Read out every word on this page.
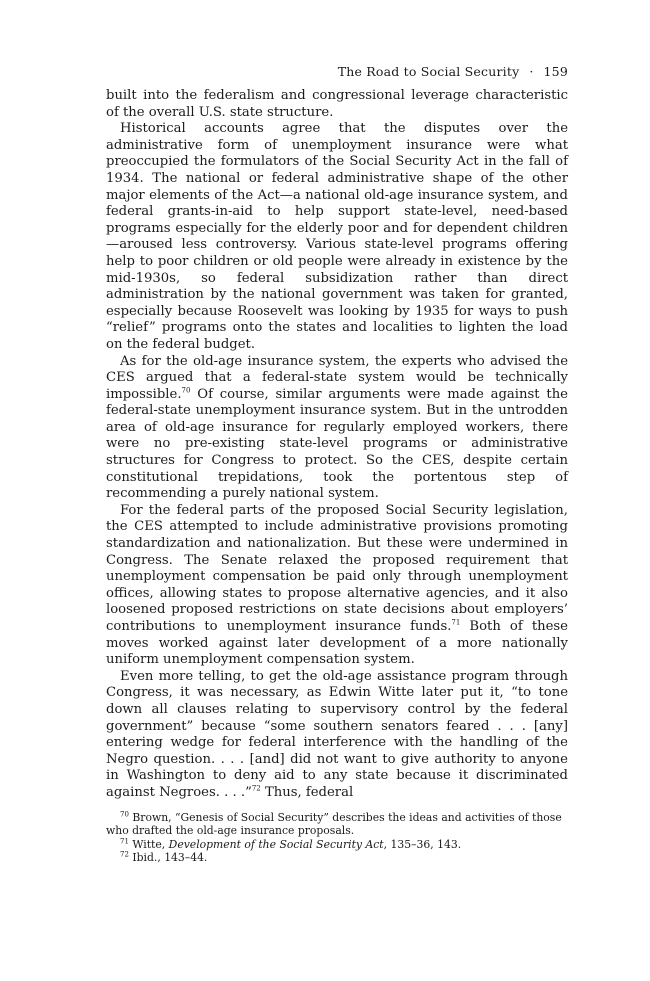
The Road to Social Security · 159

built into the federalism and congressional leverage characteristic of the overall U.S. state structure.

Historical accounts agree that the disputes over the administrative form of unemployment insurance were what preoccupied the formulators of the Social Security Act in the fall of 1934. The national or federal administrative shape of the other major elements of the Act—a national old-age insurance system, and federal grants-in-aid to help support state-level, need-based programs especially for the elderly poor and for dependent children—aroused less controversy. Various state-level programs offering help to poor children or old people were already in existence by the mid-1930s, so federal subsidization rather than direct administration by the national government was taken for granted, especially because Roosevelt was looking by 1935 for ways to push “relief” programs onto the states and localities to lighten the load on the federal budget.

As for the old-age insurance system, the experts who advised the CES argued that a federal-state system would be technically impossible.$^{70}$ Of course, similar arguments were made against the federal-state unemployment insurance system. But in the untrodden area of old-age insurance for regularly employed workers, there were no pre-existing state-level programs or administrative structures for Congress to protect. So the CES, despite certain constitutional trepidations, took the portentous step of recommending a purely national system.

For the federal parts of the proposed Social Security legislation, the CES attempted to include administrative provisions promoting standardization and nationalization. But these were undermined in Congress. The Senate relaxed the proposed requirement that unemployment compensation be paid only through unemployment offices, allowing states to propose alternative agencies, and it also loosened proposed restrictions on state decisions about employers’ contributions to unemployment insurance funds.$^{71}$ Both of these moves worked against later development of a more nationally uniform unemployment compensation system.

Even more telling, to get the old-age assistance program through Congress, it was necessary, as Edwin Witte later put it, “to tone down all clauses relating to supervisory control by the federal government” because “some southern senators feared . . . [any] entering wedge for federal interference with the handling of the Negro question. . . . [and] did not want to give authority to anyone in Washington to deny aid to any state because it discriminated against Negroes. . . .”$^{72}$ Thus, federal

$^{70}$ Brown, “Genesis of Social Security” describes the ideas and activities of those who drafted the old-age insurance proposals.

$^{71}$ Witte, Development of the Social Security Act, 135–36, 143.

$^{72}$ Ibid., 143–44.
